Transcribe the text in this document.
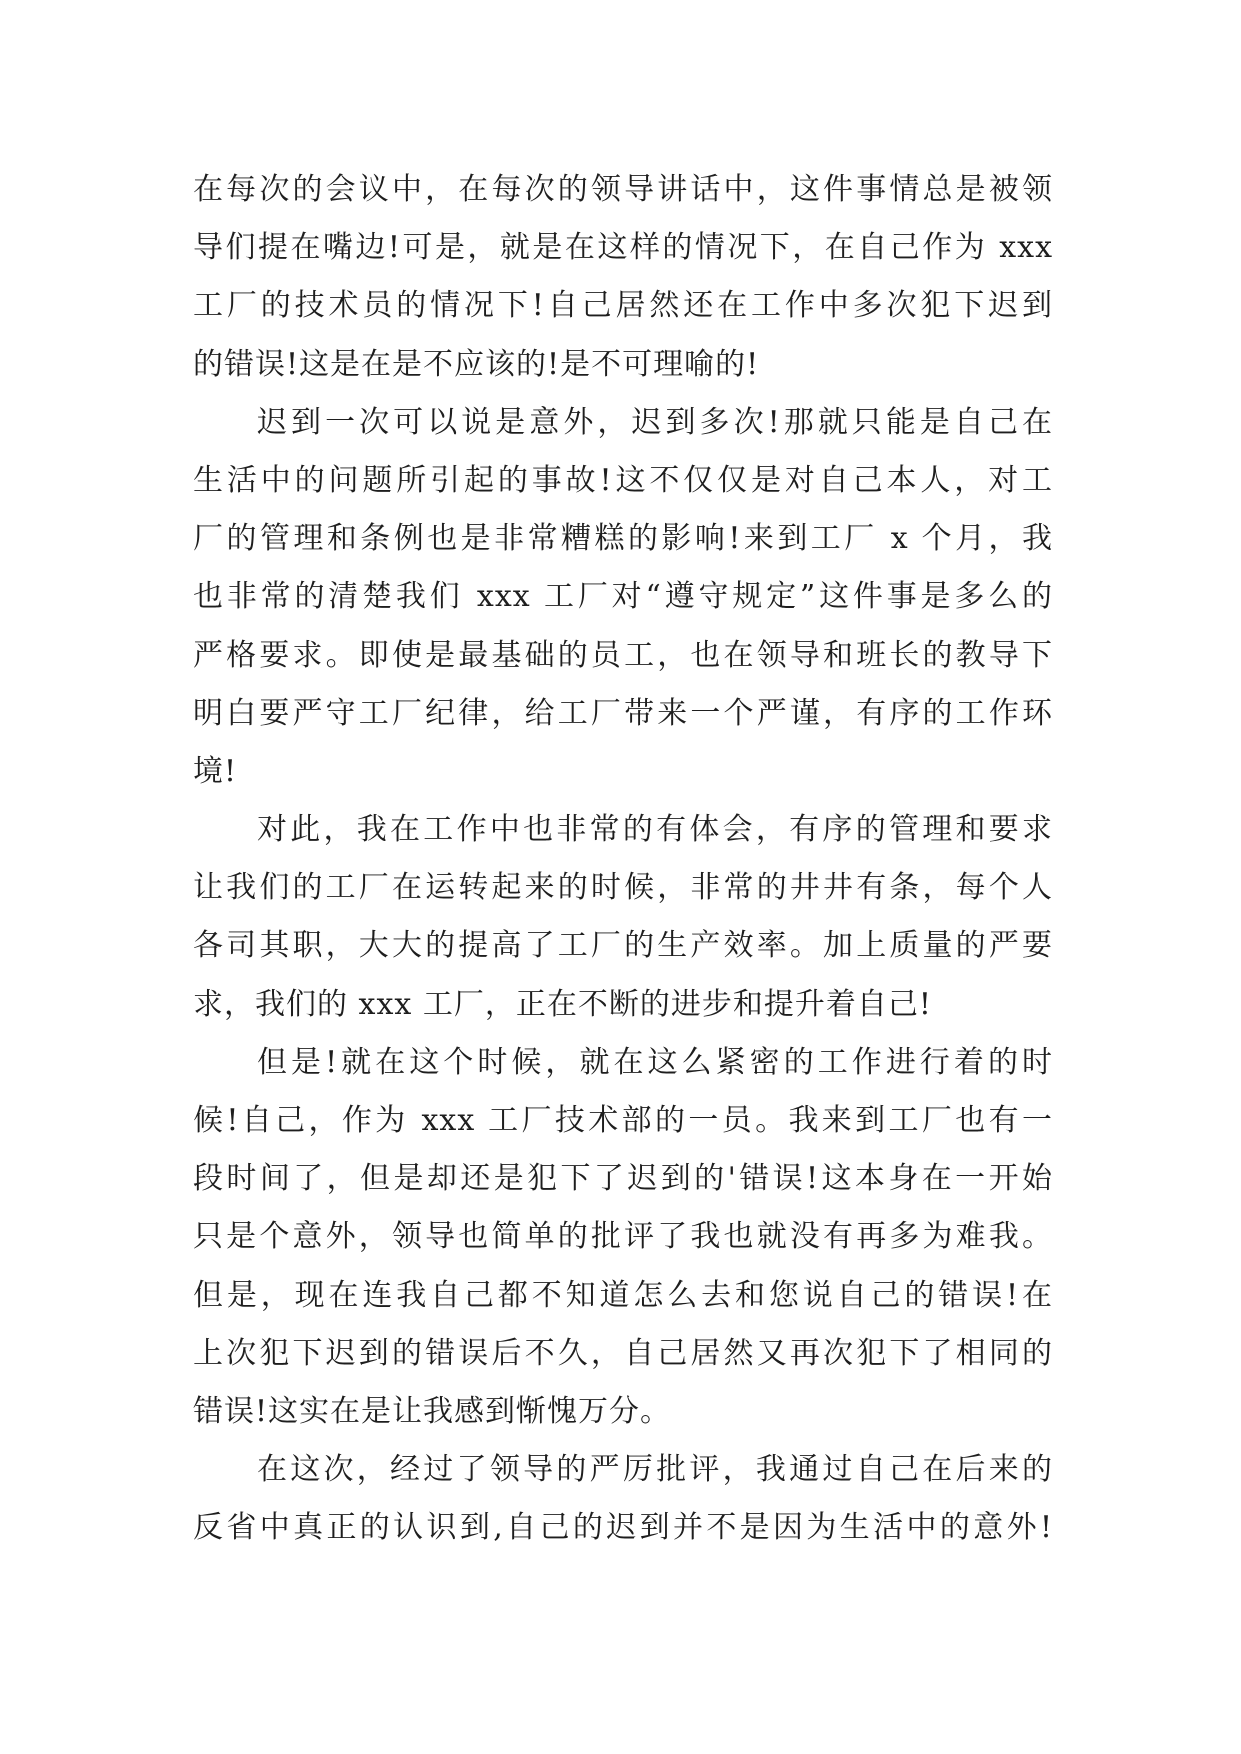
在每次的会议中，在每次的领导讲话中，这件事情总是被领
导们提在嘴边!可是，就是在这样的情况下，在自己作为 xxx
工厂的技术员的情况下!自己居然还在工作中多次犯下迟到
的错误!这是在是不应该的!是不可理喻的!
迟到一次可以说是意外，迟到多次!那就只能是自己在
生活中的问题所引起的事故!这不仅仅是对自己本人，对工
厂的管理和条例也是非常糟糕的影响!来到工厂 x 个月，我
也非常的清楚我们 xxx 工厂对“遵守规定”这件事是多么的
严格要求。即使是最基础的员工，也在领导和班长的教导下
明白要严守工厂纪律，给工厂带来一个严谨，有序的工作环
境!
对此，我在工作中也非常的有体会，有序的管理和要求
让我们的工厂在运转起来的时候，非常的井井有条，每个人
各司其职，大大的提高了工厂的生产效率。加上质量的严要
求，我们的 xxx 工厂，正在不断的进步和提升着自己!
但是!就在这个时候，就在这么紧密的工作进行着的时
候!自己，作为 xxx 工厂技术部的一员。我来到工厂也有一
段时间了，但是却还是犯下了迟到的'错误!这本身在一开始
只是个意外，领导也简单的批评了我也就没有再多为难我。
但是，现在连我自己都不知道怎么去和您说自己的错误!在
上次犯下迟到的错误后不久，自己居然又再次犯下了相同的
错误!这实在是让我感到惭愧万分。
在这次，经过了领导的严厉批评，我通过自己在后来的
反省中真正的认识到,自己的迟到并不是因为生活中的意外!
